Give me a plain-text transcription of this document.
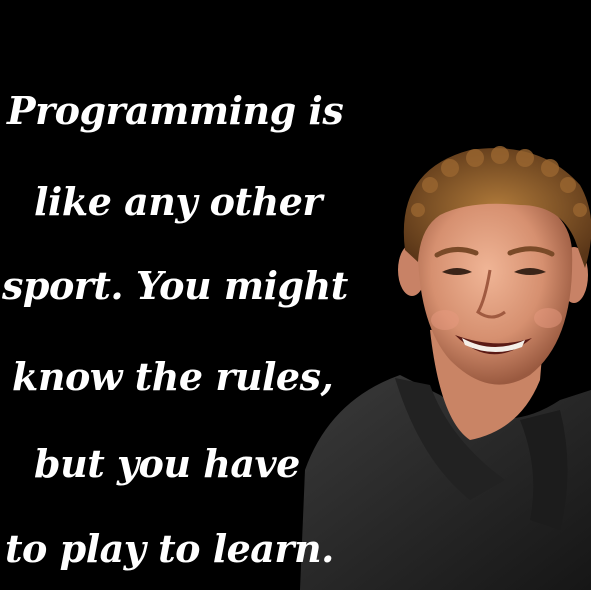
Programming is

like any other

sport. You might

know the rules,

but you have

to play to learn.
